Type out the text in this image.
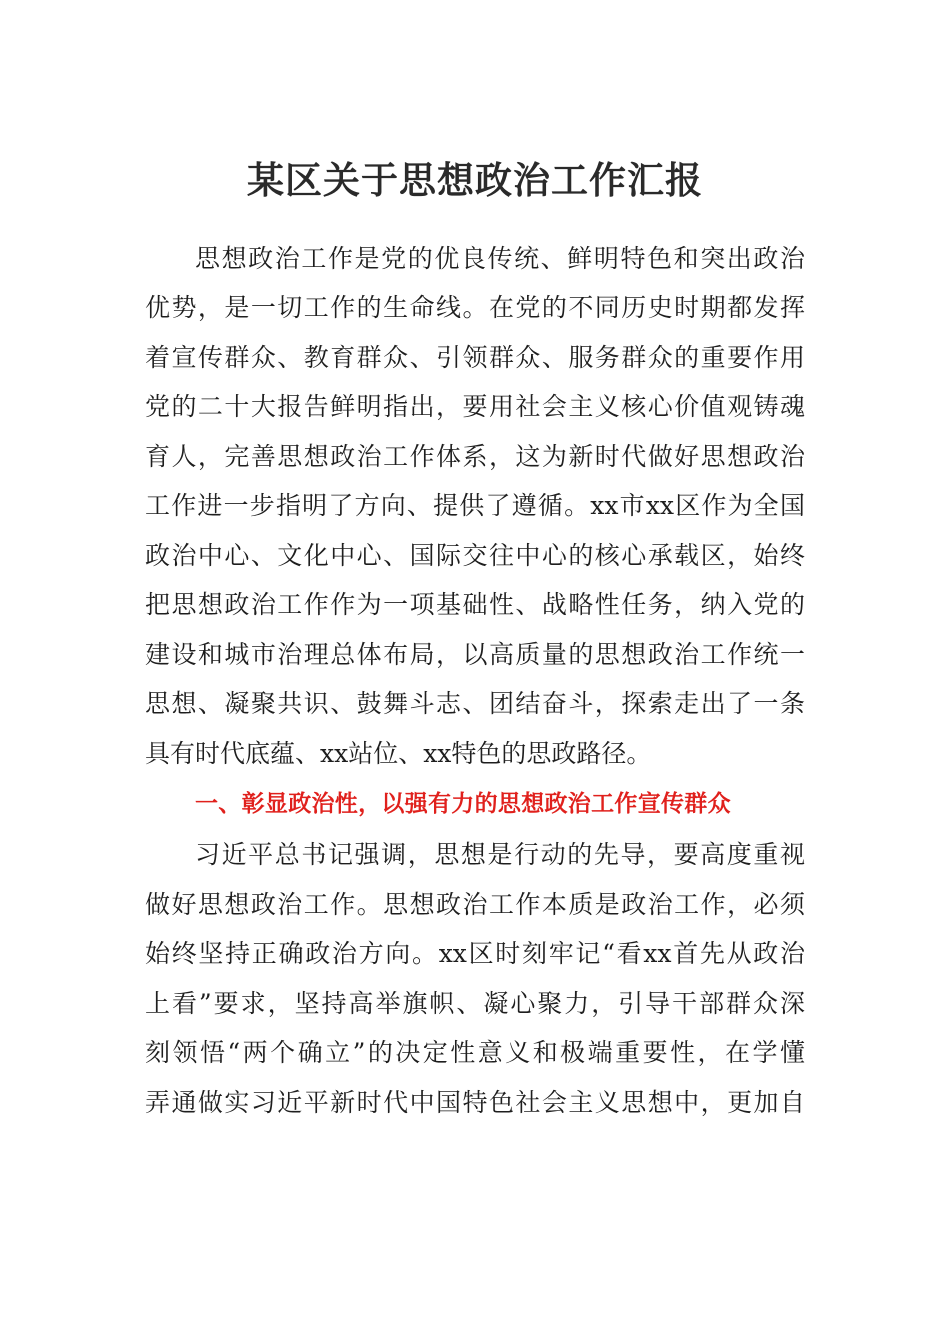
某区关于思想政治工作汇报
思想政治工作是党的优良传统、鲜明特色和突出政治
优势，是一切工作的生命线。在党的不同历史时期都发挥
着宣传群众、教育群众、引领群众、服务群众的重要作用
党的二十大报告鲜明指出，要用社会主义核心价值观铸魂
育人，完善思想政治工作体系，这为新时代做好思想政治
工作进一步指明了方向、提供了遵循。xx市xx区作为全国
政治中心、文化中心、国际交往中心的核心承载区，始终
把思想政治工作作为一项基础性、战略性任务，纳入党的
建设和城市治理总体布局，以高质量的思想政治工作统一
思想、凝聚共识、鼓舞斗志、团结奋斗，探索走出了一条
具有时代底蕴、xx站位、xx特色的思政路径。
一、彰显政治性，以强有力的思想政治工作宣传群众
习近平总书记强调，思想是行动的先导，要高度重视
做好思想政治工作。思想政治工作本质是政治工作，必须
始终坚持正确政治方向。xx区时刻牢记“看xx首先从政治
上看”要求，坚持高举旗帜、凝心聚力，引导干部群众深
刻领悟“两个确立”的决定性意义和极端重要性，在学懂
弄通做实习近平新时代中国特色社会主义思想中，更加自
